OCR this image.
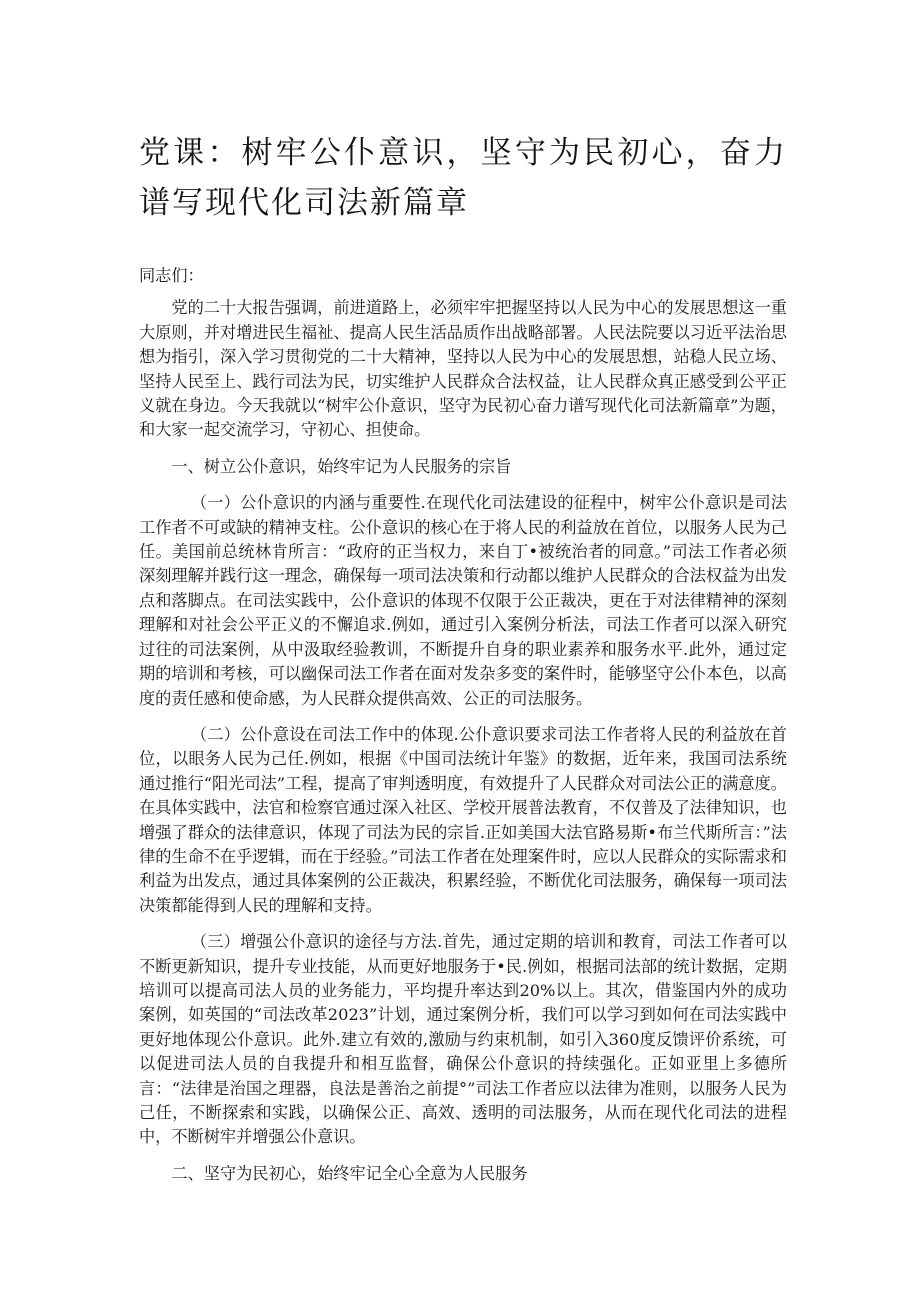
党课：树牢公仆意识，坚守为民初心，奋力谱写现代化司法新篇章

同志们：

党的二十大报告强调，前进道路上，必须牢牢把握坚持以人民为中心的发展思想这一重大原则，并对增进民生福祉、提高人民生活品质作出战略部署。人民法院要以习近平法治思想为指引，深入学习贯彻党的二十大精神，坚持以人民为中心的发展思想，站稳人民立场、坚持人民至上、践行司法为民，切实维护人民群众合法权益，让人民群众真正感受到公平正义就在身边。今天我就以“树牢公仆意识，坚守为民初心奋力谱写现代化司法新篇章”为题，和大家一起交流学习，守初心、担使命。

一、树立公仆意识，始终牢记为人民服务的宗旨

（一）公仆意识的内涵与重要性.在现代化司法建设的征程中，树牢公仆意识是司法工作者不可或缺的精神支柱。公仆意识的核心在于将人民的利益放在首位，以服务人民为己任。美国前总统林肯所言：“政府的正当权力，来自丁•被统治者的同意。”司法工作者必须深刻理解并践行这一理念，确保每一项司法决策和行动都以维护人民群众的合法权益为出发点和落脚点。在司法实践中，公仆意识的体现不仅限于公正裁决，更在于对法律精神的深刻理解和对社会公平正义的不懈追求.例如，通过引入案例分析法，司法工作者可以深入研究过往的司法案例，从中汲取经验教训，不断提升自身的职业素养和服务水平.此外，通过定期的培训和考核，可以幽保司法工作者在面对发杂多变的案件时，能够坚守公仆本色，以高度的责任感和使命感，为人民群众提供高效、公正的司法服务。

（二）公仆意设在司法工作中的体现.公仆意识要求司法工作者将人民的利益放在首位，以眼务人民为己任.例如，根据《中国司法统计年鉴》的数据，近年来，我国司法系统通过推行“阳光司法”工程，提高了审判透明度，有效提升了人民群众对司法公正的满意度。在具体实践中，法官和检察官通过深入社区、学校开展普法教育，不仅普及了法律知识，也增强了群众的法律意识，体现了司法为民的宗旨.正如美国大法官路易斯•布兰代斯所言：”法律的生命不在乎逻辑，而在于经验。”司法工作者在处理案件时，应以人民群众的实际需求和利益为出发点，通过具体案例的公正裁决，积累经验，不断优化司法服务，确保每一项司法决策都能得到人民的理解和支持。

（三）增强公仆意识的途径与方法.首先，通过定期的培训和教育，司法工作者可以不断更新知识，提升专业技能，从而更好地服务于•民.例如，根据司法部的统计数据，定期培训可以提高司法人员的业务能力，平均提升率达到20%以上。其次，借鉴国内外的成功案例，如英国的“司法改革2023”计划，通过案例分析，我们可以学习到如何在司法实践中更好地体现公仆意识。此外.建立有效的,激励与约束机制，如引入360度反馈评价系统，可以促进司法人员的自我提升和相互监督，确保公仆意识的持续强化。正如亚里上多德所言：“法律是治国之理器，良法是善治之前提°”司法工作者应以法律为准则，以服务人民为己任，不断探索和实践，以确保公正、高效、透明的司法服务，从而在现代化司法的进程中，不断树牢并增强公仆意识。

二、坚守为民初心，始终牢记全心全意为人民服务
